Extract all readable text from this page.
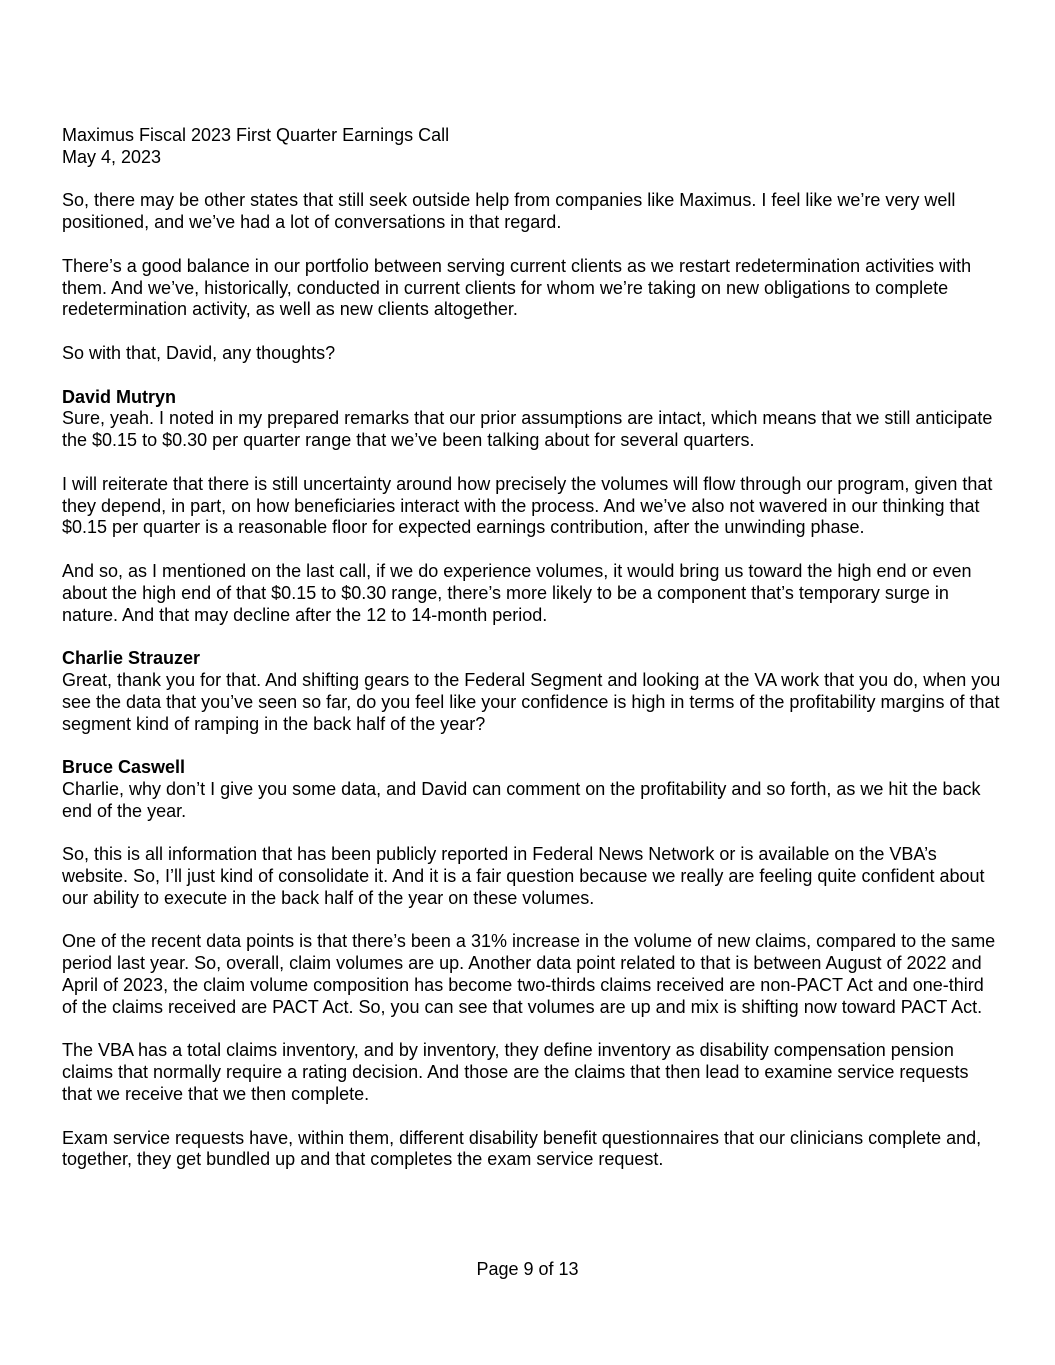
Maximus Fiscal 2023 First Quarter Earnings Call

May 4, 2023

So, there may be other states that still seek outside help from companies like Maximus. I feel like we’re very well positioned, and we’ve had a lot of conversations in that regard.

There’s a good balance in our portfolio between serving current clients as we restart redetermination activities with them. And we’ve, historically, conducted in current clients for whom we’re taking on new obligations to complete redetermination activity, as well as new clients altogether.

So with that, David, any thoughts?

David Mutryn

Sure, yeah. I noted in my prepared remarks that our prior assumptions are intact, which means that we still anticipate the $0.15 to $0.30 per quarter range that we’ve been talking about for several quarters.

I will reiterate that there is still uncertainty around how precisely the volumes will flow through our program, given that they depend, in part, on how beneficiaries interact with the process. And we’ve also not wavered in our thinking that $0.15 per quarter is a reasonable floor for expected earnings contribution, after the unwinding phase.

And so, as I mentioned on the last call, if we do experience volumes, it would bring us toward the high end or even about the high end of that $0.15 to $0.30 range, there’s more likely to be a component that’s temporary surge in nature. And that may decline after the 12 to 14-month period.

Charlie Strauzer

Great, thank you for that. And shifting gears to the Federal Segment and looking at the VA work that you do, when you see the data that you’ve seen so far, do you feel like your confidence is high in terms of the profitability margins of that segment kind of ramping in the back half of the year?

Bruce Caswell

Charlie, why don’t I give you some data, and David can comment on the profitability and so forth, as we hit the back end of the year.

So, this is all information that has been publicly reported in Federal News Network or is available on the VBA’s website. So, I’ll just kind of consolidate it. And it is a fair question because we really are feeling quite confident about our ability to execute in the back half of the year on these volumes.

One of the recent data points is that there’s been a 31% increase in the volume of new claims, compared to the same period last year. So, overall, claim volumes are up. Another data point related to that is between August of 2022 and April of 2023, the claim volume composition has become two-thirds claims received are non-PACT Act and one-third of the claims received are PACT Act. So, you can see that volumes are up and mix is shifting now toward PACT Act.

The VBA has a total claims inventory, and by inventory, they define inventory as disability compensation pension claims that normally require a rating decision. And those are the claims that then lead to examine service requests that we receive that we then complete.

Exam service requests have, within them, different disability benefit questionnaires that our clinicians complete and, together, they get bundled up and that completes the exam service request.

Page 9 of 13
